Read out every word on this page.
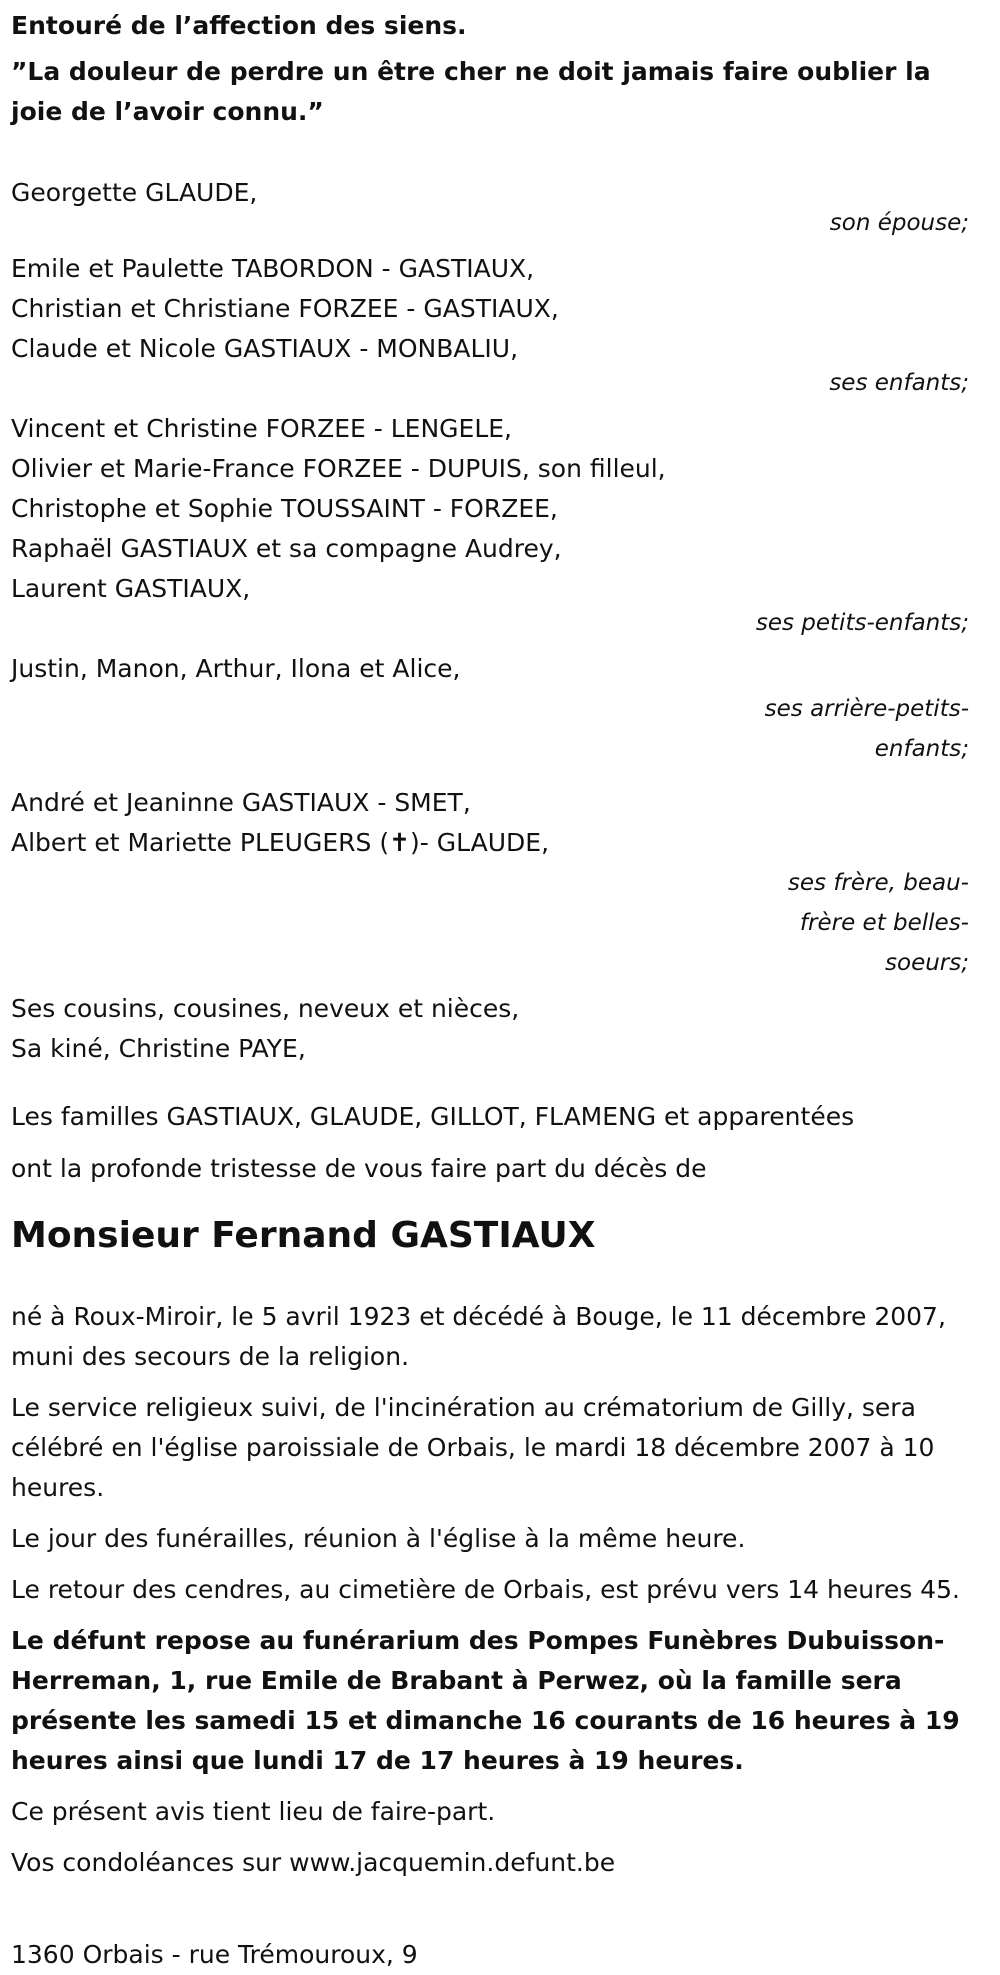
Entouré de l’affection des siens.

”La douleur de perdre un être cher ne doit jamais faire oublier la joie de l’avoir connu.”

Georgette GLAUDE,
son épouse;
Emile et Paulette TABORDON - GASTIAUX,
Christian et Christiane FORZEE - GASTIAUX,
Claude et Nicole GASTIAUX - MONBALIU,
ses enfants;
Vincent et Christine FORZEE - LENGELE,
Olivier et Marie-France FORZEE - DUPUIS, son filleul,
Christophe et Sophie TOUSSAINT - FORZEE,
Raphaël GASTIAUX et sa compagne Audrey,
Laurent GASTIAUX,
ses petits-enfants;
Justin, Manon, Arthur, Ilona et Alice,
ses arrière-petits-enfants;
André et Jeaninne GASTIAUX - SMET,
Albert et Mariette PLEUGERS (✝)- GLAUDE,
ses frère, beau-frère et belles-soeurs;
Ses cousins, cousines, neveux et nièces,
Sa kiné, Christine PAYE,
Les familles GASTIAUX, GLAUDE, GILLOT, FLAMENG et apparentées
ont la profonde tristesse de vous faire part du décès de
Monsieur Fernand GASTIAUX

né à Roux-Miroir, le 5 avril 1923 et décédé à Bouge, le 11 décembre 2007, muni des secours de la religion.

Le service religieux suivi, de l'incinération au crématorium de Gilly, sera célébré en l'église paroissiale de Orbais, le mardi 18 décembre 2007 à 10 heures.

Le jour des funérailles, réunion à l'église à la même heure.

Le retour des cendres, au cimetière de Orbais, est prévu vers 14 heures 45.

Le défunt repose au funérarium des Pompes Funèbres Dubuisson-Herreman, 1, rue Emile de Brabant à Perwez, où la famille sera présente les samedi 15 et dimanche 16 courants de 16 heures à 19 heures ainsi que lundi 17 de 17 heures à 19 heures.

Ce présent avis tient lieu de faire-part.

Vos condoléances sur www.jacquemin.defunt.be

1360 Orbais - rue Trémouroux, 9
